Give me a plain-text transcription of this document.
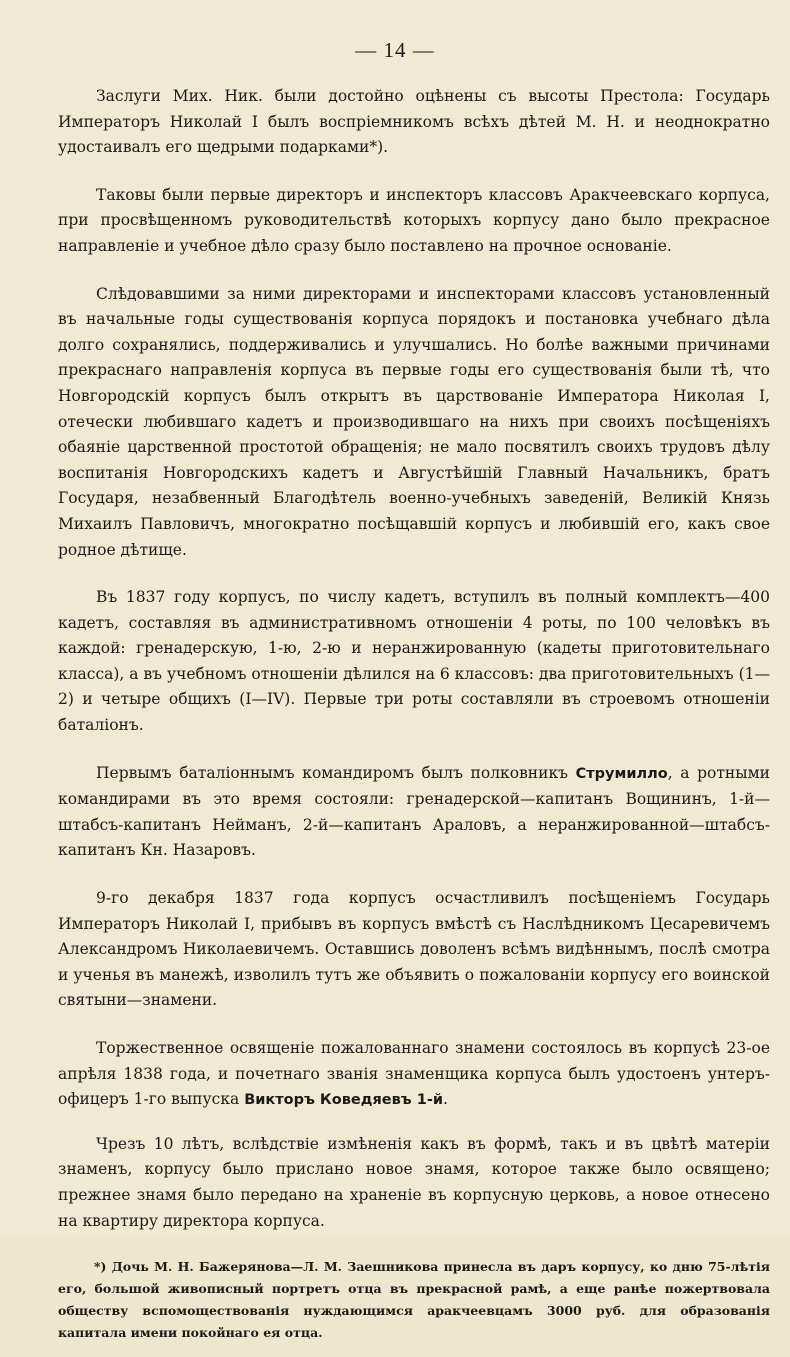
— 14 —

Заслуги Мих. Ник. были достойно оцѣнены съ высоты Престола: Государь Императоръ Николай I былъ воспріемникомъ всѣхъ дѣтей М. Н. и неоднократно удостаивалъ его щедрыми подарками*).

Таковы были первые директоръ и инспекторъ классовъ Аракчеевскаго корпуса, при просвѣщенномъ руководительствѣ которыхъ корпусу дано было прекрасное направленіе и учебное дѣло сразу было поставлено на прочное основаніе.

Слѣдовавшими за ними директорами и инспекторами классовъ установленный въ начальные годы существованія корпуса порядокъ и постановка учебнаго дѣла долго сохранялись, поддерживались и улучшались. Но болѣе важными причинами прекраснаго направленія корпуса въ первые годы его существованія были тѣ, что Новгородскій корпусъ былъ открытъ въ царствованіе Императора Николая I, отечески любившаго кадетъ и производившаго на нихъ при своихъ посѣщеніяхъ обаяніе царственной простотой обращенія; не мало посвятилъ своихъ трудовъ дѣлу воспитанія Новгородскихъ кадетъ и Августѣйшій Главный Начальникъ, братъ Государя, незабвенный Благодѣтель военно-учебныхъ заведеній, Великій Князь Михаилъ Павловичъ, многократно посѣщавшій корпусъ и любившій его, какъ свое родное дѣтище.

Въ 1837 году корпусъ, по числу кадетъ, вступилъ въ полный комплектъ—400 кадетъ, составляя въ административномъ отношеніи 4 роты, по 100 человѣкъ въ каждой: гренадерскую, 1-ю, 2-ю и неранжированную (кадеты приготовительнаго класса), а въ учебномъ отношеніи дѣлился на 6 классовъ: два приготовительныхъ (1—2) и четыре общихъ (I—IV). Первые три роты составляли въ строевомъ отношеніи баталіонъ.

Первымъ баталіоннымъ командиромъ былъ полковникъ Струмилло, а ротными командирами въ это время состояли: гренадерской—капитанъ Вощининъ, 1-й—штабсъ-капитанъ Нейманъ, 2-й—капитанъ Араловъ, а неранжированной—штабсъ-капитанъ Кн. Назаровъ.

9-го декабря 1837 года корпусъ осчастливилъ посѣщеніемъ Государь Императоръ Николай I, прибывъ въ корпусъ вмѣстѣ съ Наслѣдникомъ Цесаревичемъ Александромъ Николаевичемъ. Оставшись доволенъ всѣмъ видѣннымъ, послѣ смотра и ученья въ манежѣ, изволилъ тутъ же объявить о пожалованіи корпусу его воинской святыни—знамени.

Торжественное освященіе пожалованнаго знамени состоялось въ корпусѣ 23-ое апрѣля 1838 года, и почетнаго званія знаменщика корпуса былъ удостоенъ унтеръ-офицеръ 1-го выпуска Викторъ Коведяевъ 1-й.

Чрезъ 10 лѣтъ, вслѣдствіе измѣненія какъ въ формѣ, такъ и въ цвѣтѣ матеріи знаменъ, корпусу было прислано новое знамя, которое также было освящено; прежнее знамя было передано на храненіе въ корпусную церковь, а новое отнесено на квартиру директора корпуса.

*) Дочь М. Н. Бажерянова—Л. М. Заешникова принесла въ даръ корпусу, ко дню 75-лѣтія его, большой живописный портретъ отца въ прекрасной рамѣ, а еще ранѣе пожертвовала обществу вспомоществованія нуждающимся аракчеевцамъ 3000 руб. для образованія капитала имени покойнаго ея отца.
